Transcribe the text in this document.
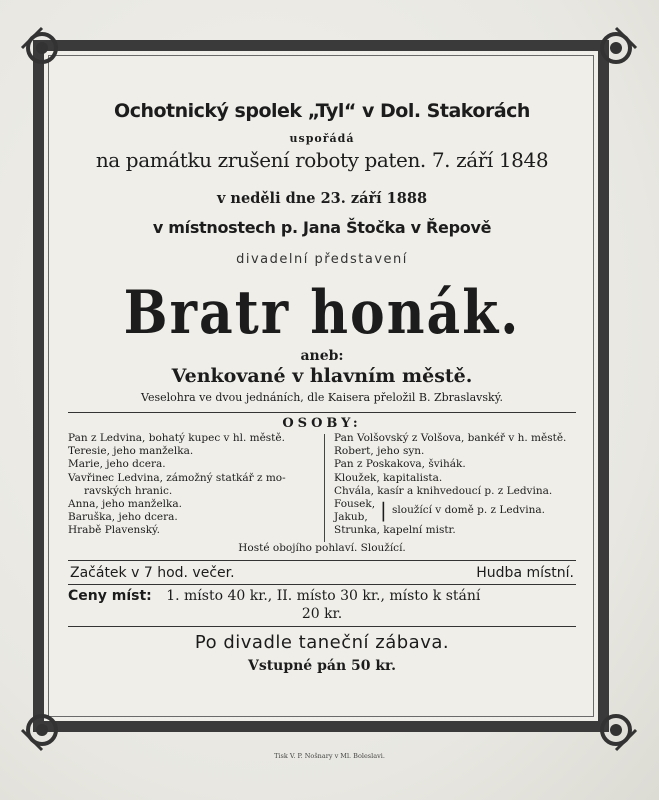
Ochotnický spolek „Tyl“ v Dol. Stakorách
uspořádá
na památku zrušení roboty paten. 7. září 1848
v neděli dne 23. září 1888
v místnostech p. Jana Štočka v Řepově
divadelní představení
Bratr honák.
aneb:
Venkované v hlavním městě.
Veselohra ve dvou jednáních, dle Kaisera přeložil B. Zbraslavský.
OSOBY:
Pan z Ledvina, bohatý kupec v hl. městě.
Teresie, jeho manželka.
Marie, jeho dcera.
Vavřinec Ledvina, zámožný statkář z mo-
ravských hranic.
Anna, jeho manželka.
Baruška, jeho dcera.
Hrabě Plavenský.
Pan Volšovský z Volšova, bankéř v h. městě.
Robert, jeho syn.
Pan z Poskakova, švihák.
Kloužek, kapitalista.
Chvála, kasír a knihvedoucí p. z Ledvina.
Fousek,
Jakub, | sloužící v domě p. z Ledvina.
Strunka, kapelní mistr.
Hosté obojího pohlaví. Sloužící.
Začátek v 7 hod. večer.	Hudba místní.
Ceny míst: 1. místo 40 kr., II. místo 30 kr., místo k stání
20 kr.
Po divadle taneční zábava.
Vstupné pán 50 kr.
Tisk V. P. Nošnary v Ml. Boleslavi.
